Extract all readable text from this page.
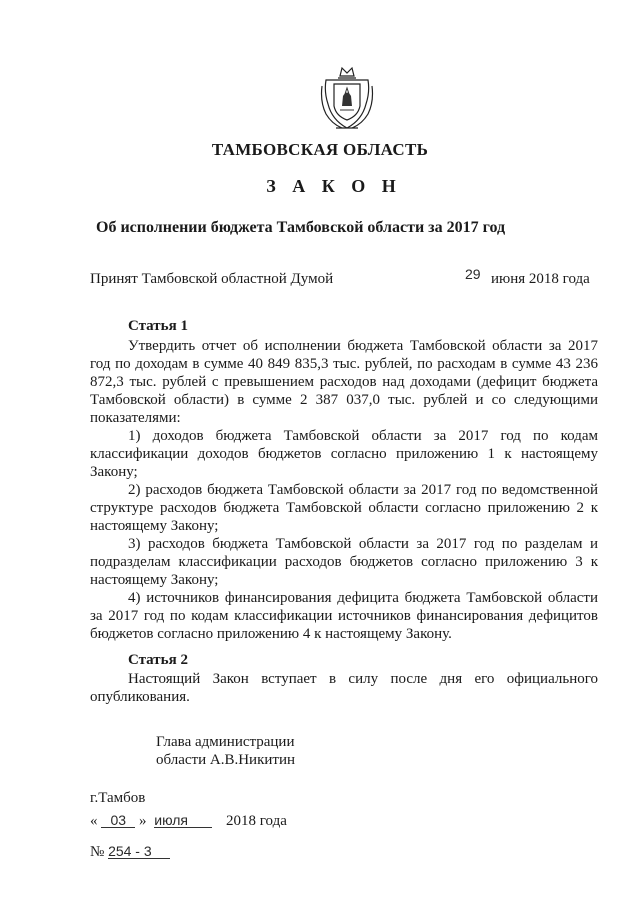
ТАМБОВСКАЯ ОБЛАСТЬ
З А К О Н
Об исполнении бюджета Тамбовской области за 2017 год
Принят Тамбовской областной Думой	29 июня 2018 года
Статья 1

Утвердить отчет об исполнении бюджета Тамбовской области за 2017 год по доходам в сумме 40 849 835,3 тыс. рублей, по расходам в сумме 43 236 872,3 тыс. рублей с превышением расходов над доходами (дефицит бюджета Тамбовской области) в сумме 2 387 037,0 тыс. рублей и со следующими показателями:

1) доходов бюджета Тамбовской области за 2017 год по кодам классификации доходов бюджетов согласно приложению 1 к настоящему Закону;

2) расходов бюджета Тамбовской области за 2017 год по ведомственной структуре расходов бюджета Тамбовской области согласно приложению 2 к настоящему Закону;

3) расходов бюджета Тамбовской области за 2017 год по разделам и подразделам классификации расходов бюджетов согласно приложению 3 к настоящему Закону;

4) источников финансирования дефицита бюджета Тамбовской области за 2017 год по кодам классификации источников финансирования дефицитов бюджетов согласно приложению 4 к настоящему Закону.

Статья 2

Настоящий Закон вступает в силу после дня его официального опубликования.

Глава администрации
области А.В.Никитин
г.Тамбов
« 03 » июля	2018 года
№ 254 - 3
